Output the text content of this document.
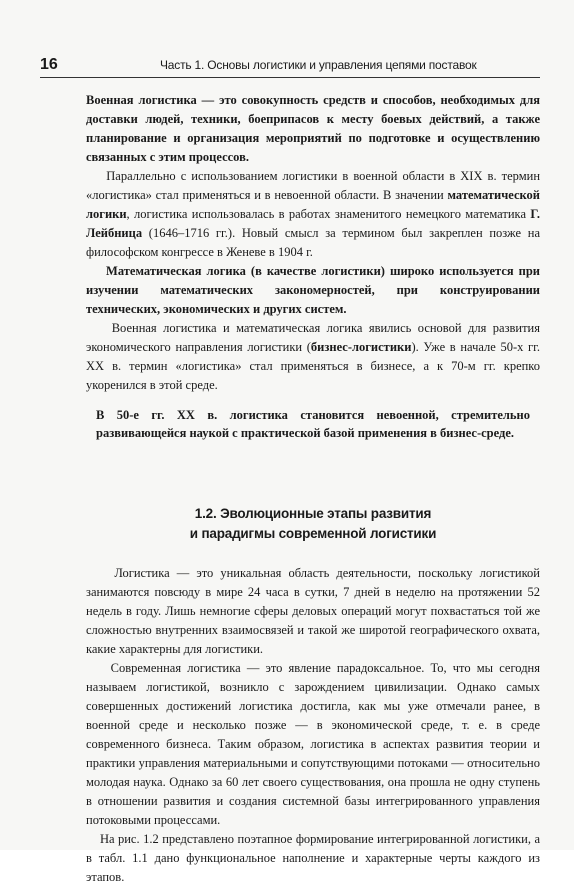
16	Часть 1. Основы логистики и управления цепями поставок

Военная логистика — это совокупность средств и способов, необходимых для доставки людей, техники, боеприпасов к месту боевых действий, а также планирование и организация мероприятий по подготовке и осуществлению связанных с этим процессов.

Параллельно с использованием логистики в военной области в XIX в. термин «логистика» стал применяться и в невоенной области. В значении математической логики, логистика использовалась в работах знаменитого немецкого математика Г. Лейбница (1646–1716 гг.). Новый смысл за термином был закреплен позже на философском конгрессе в Женеве в 1904 г.

Математическая логика (в качестве логистики) широко используется при изучении математических закономерностей, при конструировании технических, экономических и других систем.

Военная логистика и математическая логика явились основой для развития экономического направления логистики (бизнес-логистики). Уже в начале 50-х гг. XX в. термин «логистика» стал применяться в бизнесе, а к 70-м гг. крепко укоренился в этой среде.

В 50-е гг. XX в. логистика становится невоенной, стремительно развивающейся наукой с практической базой применения в бизнес-среде.

1.2. Эволюционные этапы развития
и парадигмы современной логистики

Логистика — это уникальная область деятельности, поскольку логистикой занимаются повсюду в мире 24 часа в сутки, 7 дней в неделю на протяжении 52 недель в году. Лишь немногие сферы деловых операций могут похвастаться той же сложностью внутренних взаимосвязей и такой же широтой географического охвата, какие характерны для логистики.

Современная логистика — это явление парадоксальное. То, что мы сегодня называем логистикой, возникло с зарождением цивилизации. Однако самых совершенных достижений логистика достигла, как мы уже отмечали ранее, в военной среде и несколько позже — в экономической среде, т. е. в среде современного бизнеса. Таким образом, логистика в аспектах развития теории и практики управления материальными и сопутствующими потоками — относительно молодая наука. Однако за 60 лет своего существования, она прошла не одну ступень в отношении развития и создания системной базы интегрированного управления потоковыми процессами.

На рис. 1.2 представлено поэтапное формирование интегрированной логистики, а в табл. 1.1 дано функциональное наполнение и характерные черты каждого из этапов.
